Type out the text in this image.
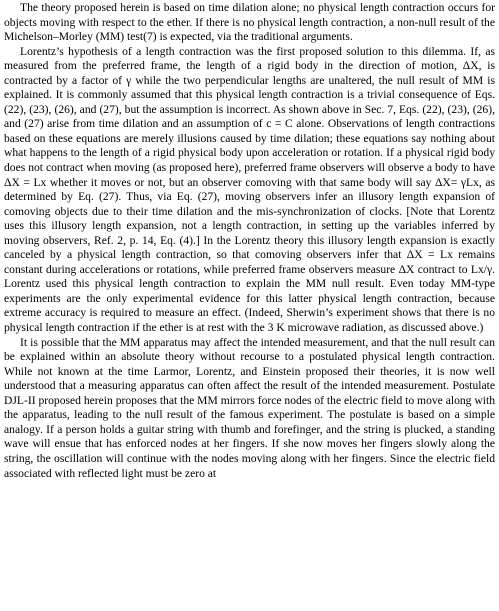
The theory proposed herein is based on time dilation alone; no physical length contraction occurs for objects moving with respect to the ether. If there is no physical length contraction, a non-null result of the Michelson–Morley (MM) test(7) is expected, via the traditional arguments.

Lorentz’s hypothesis of a length contraction was the first proposed solution to this dilemma. If, as measured from the preferred frame, the length of a rigid body in the direction of motion, ΔX, is contracted by a factor of γ while the two perpendicular lengths are unaltered, the null result of MM is explained. It is commonly assumed that this physical length contraction is a trivial consequence of Eqs. (22), (23), (26), and (27), but the assumption is incorrect. As shown above in Sec. 7, Eqs. (22), (23), (26), and (27) arise from time dilation and an assumption of c = C alone. Observations of length contractions based on these equations are merely illusions caused by time dilation; these equations say nothing about what happens to the length of a rigid physical body upon acceleration or rotation. If a physical rigid body does not contract when moving (as proposed here), preferred frame observers will observe a body to have ΔX = Lx whether it moves or not, but an observer comoving with that same body will say ΔX= γLx, as determined by Eq. (27). Thus, via Eq. (27), moving observers infer an illusory length expansion of comoving objects due to their time dilation and the mis-synchronization of clocks. [Note that Lorentz uses this illusory length expansion, not a length contraction, in setting up the variables inferred by moving observers, Ref. 2, p. 14, Eq. (4).] In the Lorentz theory this illusory length expansion is exactly canceled by a physical length contraction, so that comoving observers infer that ΔX = Lx remains constant during accelerations or rotations, while preferred frame observers measure ΔX contract to Lx/γ. Lorentz used this physical length contraction to explain the MM null result. Even today MM-type experiments are the only experimental evidence for this latter physical length contraction, because extreme accuracy is required to measure an effect. (Indeed, Sherwin’s experiment shows that there is no physical length contraction if the ether is at rest with the 3 K microwave radiation, as discussed above.)

It is possible that the MM apparatus may affect the intended measurement, and that the null result can be explained within an absolute theory without recourse to a postulated physical length contraction. While not known at the time Larmor, Lorentz, and Einstein proposed their theories, it is now well understood that a measuring apparatus can often affect the result of the intended measurement. Postulate DJL-II proposed herein proposes that the MM mirrors force nodes of the electric field to move along with the apparatus, leading to the null result of the famous experiment. The postulate is based on a simple analogy. If a person holds a guitar string with thumb and forefinger, and the string is plucked, a standing wave will ensue that has enforced nodes at her fingers. If she now moves her fingers slowly along the string, the oscillation will continue with the nodes moving along with her fingers. Since the electric field associated with reflected light must be zero at
